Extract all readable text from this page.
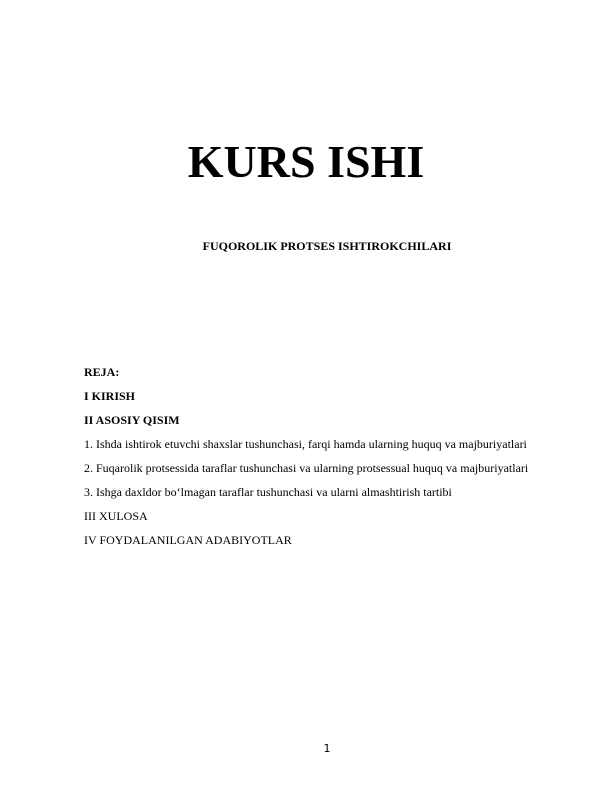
KURS ISHI
FUQOROLIK PROTSES ISHTIROKCHILARI
REJA:
I KIRISH
II ASOSIY QISIM
1. Ishda ishtirok etuvchi shaxslar tushunchasi, farqi hamda ularning huquq va majburiyatlari
2. Fuqarolik protsessida taraflar tushunchasi va ularning protsessual huquq va majburiyatlari
3. Ishga daxldor bo‘lmagan taraflar tushunchasi va ularni almashtirish tartibi
III XULOSA
IV FOYDALANILGAN ADABIYOTLAR
1
